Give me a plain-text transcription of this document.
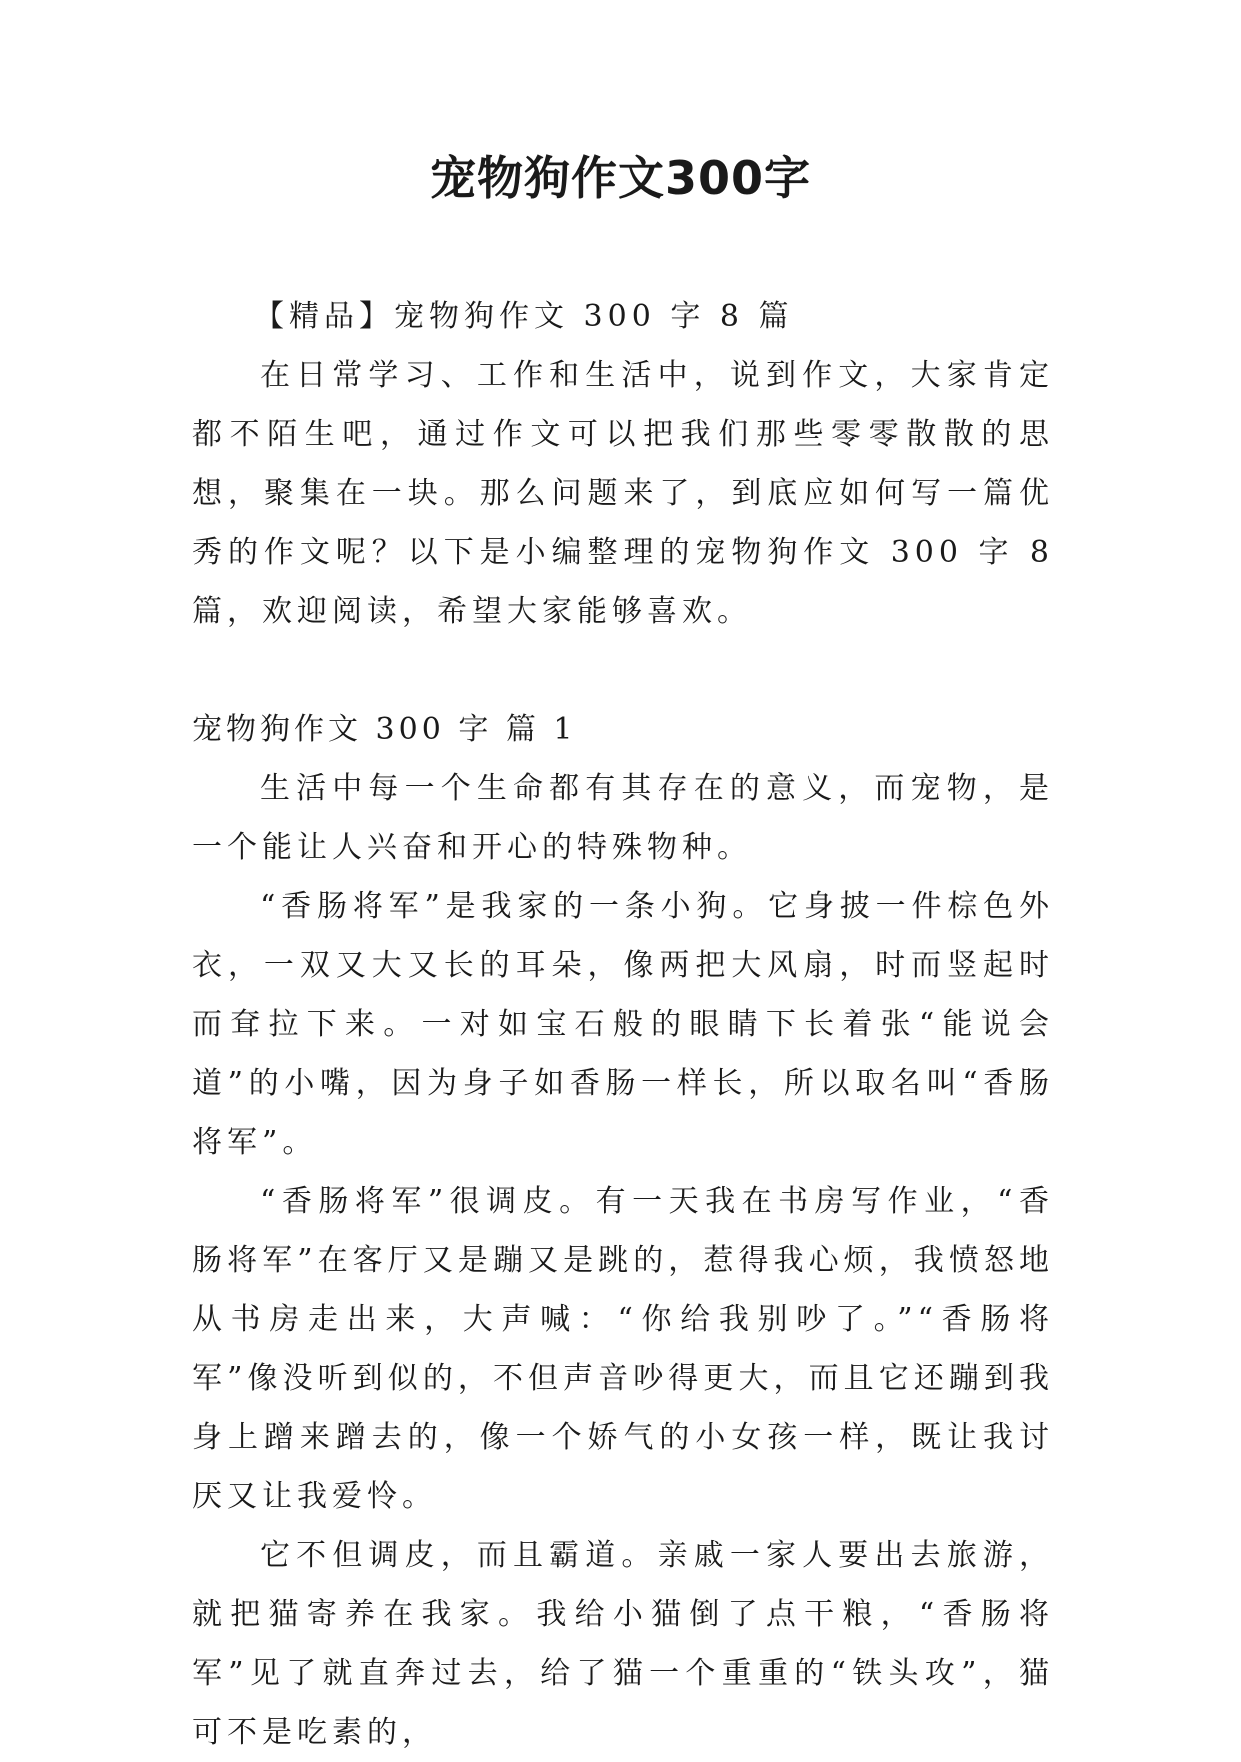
宠物狗作文300字

【精品】宠物狗作文 300 字 8 篇

在日常学习、工作和生活中，说到作文，大家肯定都不陌生吧，通过作文可以把我们那些零零散散的思想，聚集在一块。那么问题来了，到底应如何写一篇优秀的作文呢？以下是小编整理的宠物狗作文 300 字 8 篇，欢迎阅读，希望大家能够喜欢。

宠物狗作文 300 字 篇 1

生活中每一个生命都有其存在的意义，而宠物，是一个能让人兴奋和开心的特殊物种。

“香肠将军”是我家的一条小狗。它身披一件棕色外衣，一双又大又长的耳朵，像两把大风扇，时而竖起时而耷拉下来。一对如宝石般的眼睛下长着张“能说会道”的小嘴，因为身子如香肠一样长，所以取名叫“香肠将军”。

“香肠将军”很调皮。有一天我在书房写作业，“香肠将军”在客厅又是蹦又是跳的，惹得我心烦，我愤怒地从书房走出来，大声喊：“你给我别吵了。”“香肠将军”像没听到似的，不但声音吵得更大，而且它还蹦到我身上蹭来蹭去的，像一个娇气的小女孩一样，既让我讨厌又让我爱怜。

它不但调皮，而且霸道。亲戚一家人要出去旅游，就把猫寄养在我家。我给小猫倒了点干粮，“香肠将军”见了就直奔过去，给了猫一个重重的“铁头攻”，猫可不是吃素的，
